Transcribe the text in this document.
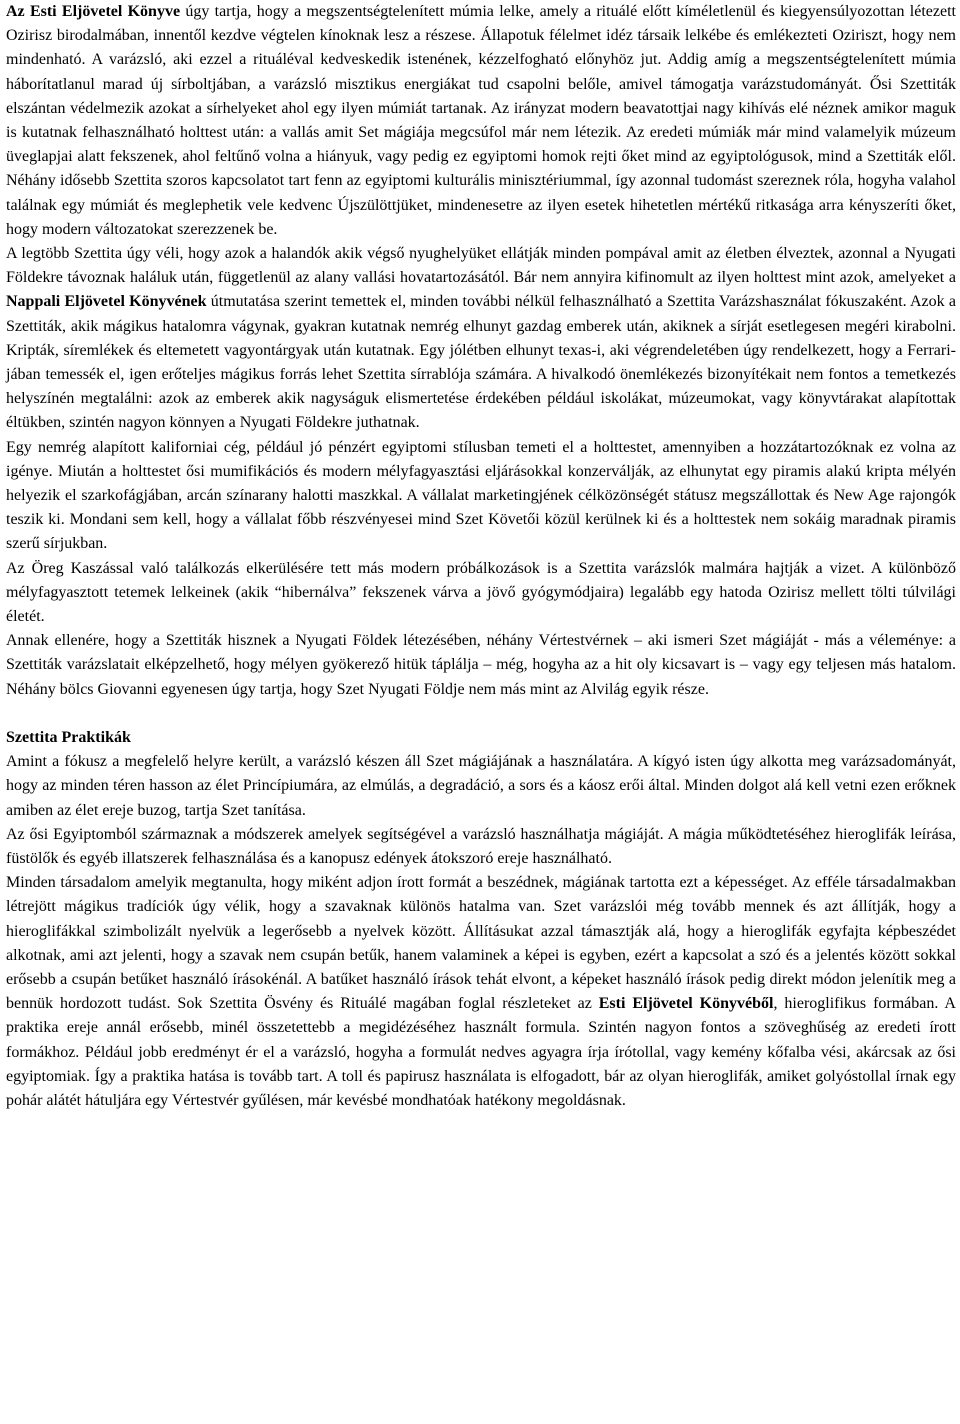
Az Esti Eljövetel Könyve úgy tartja, hogy a megszentségtelenített múmia lelke, amely a rituálé előtt kíméletlenül és kiegyensúlyozottan létezett Ozirisz birodalmában, innentől kezdve végtelen kínoknak lesz a részese. Állapotuk félelmet idéz társaik lelkébe és emlékezteti Oziriszt, hogy nem mindenható. A varázsló, aki ezzel a rituáléval kedveskedik istenének, kézzelfogható előnyhöz jut. Addig amíg a megszentségtelenített múmia háborítatlanul marad új sírboltjában, a varázsló misztikus energiákat tud csapolni belőle, amivel támogatja varázstudományát. Ősi Szettiták elszántan védelmezik azokat a sírhelyeket ahol egy ilyen múmiát tartanak. Az irányzat modern beavatottjai nagy kihívás elé néznek amikor maguk is kutatnak felhasználható holttest után: a vallás amit Set mágiája megcsúfol már nem létezik. Az eredeti múmiák már mind valamelyik múzeum üveglapjai alatt fekszenek, ahol feltűnő volna a hiányuk, vagy pedig ez egyiptomi homok rejti őket mind az egyiptológusok, mind a Szettiták elől. Néhány idősebb Szettita szoros kapcsolatot tart fenn az egyiptomi kulturális minisztériummal, így azonnal tudomást szereznek róla, hogyha valahol találnak egy múmiát és meglephetik vele kedvenc Újszülöttjüket, mindenesetre az ilyen esetek hihetetlen mértékű ritkasága arra kényszeríti őket, hogy modern változatokat szerezzenek be.

A legtöbb Szettita úgy véli, hogy azok a halandók akik végső nyughelyüket ellátják minden pompával amit az életben élveztek, azonnal a Nyugati Földekre távoznak haláluk után, függetlenül az alany vallási hovatartozásától. Bár nem annyira kifinomult az ilyen holttest mint azok, amelyeket a Nappali Eljövetel Könyvének útmutatása szerint temettek el, minden további nélkül felhasználható a Szettita Varázshasználat fókuszaként. Azok a Szettiták, akik mágikus hatalomra vágynak, gyakran kutatnak nemrég elhunyt gazdag emberek után, akiknek a sírját esetlegesen megéri kirabolni. Kripták, síremlékek és eltemetett vagyontárgyak után kutatnak. Egy jólétben elhunyt texas-i, aki végrendeletében úgy rendelkezett, hogy a Ferrari-jában temessék el, igen erőteljes mágikus forrás lehet Szettita sírrablója számára. A hivalkodó önemlékezés bizonyítékait nem fontos a temetkezés helyszínén megtalálni: azok az emberek akik nagyságuk elismertetése érdekében például iskolákat, múzeumokat, vagy könyvtárakat alapítottak éltükben, szintén nagyon könnyen a Nyugati Földekre juthatnak.

Egy nemrég alapított kaliforniai cég, például jó pénzért egyiptomi stílusban temeti el a holttestet, amennyiben a hozzátartozóknak ez volna az igénye. Miután a holttestet ősi mumifikációs és modern mélyfagyasztási eljárásokkal konzerválják, az elhunytat egy piramis alakú kripta mélyén helyezik el szarkofágjában, arcán színarany halotti maszkkal. A vállalat marketingjének célközönségét státusz megszállottak és New Age rajongók teszik ki. Mondani sem kell, hogy a vállalat főbb részvényesei mind Szet Követői közül kerülnek ki és a holttestek nem sokáig maradnak piramis szerű sírjukban.

Az Öreg Kaszással való találkozás elkerülésére tett más modern próbálkozások is a Szettita varázslók malmára hajtják a vizet. A különböző mélyfagyasztott tetemek lelkeinek (akik “hibernálva” fekszenek várva a jövő gyógymódjaira) legalább egy hatoda Ozirisz mellett tölti túlvilági életét.

Annak ellenére, hogy a Szettiták hisznek a Nyugati Földek létezésében, néhány Vértestvérnek – aki ismeri Szet mágiáját - más a véleménye: a Szettiták varázslatait elképzelhető, hogy mélyen gyökerező hitük táplálja – még, hogyha az a hit oly kicsavart is – vagy egy teljesen más hatalom. Néhány bölcs Giovanni egyenesen úgy tartja, hogy Szet Nyugati Földje nem más mint az Alvilág egyik része.

Szettita Praktikák

Amint a fókusz a megfelelő helyre került, a varázsló készen áll Szet mágiájának a használatára. A kígyó isten úgy alkotta meg varázsadományát, hogy az minden téren hasson az élet Princípiumára, az elmúlás, a degradáció, a sors és a káosz erői által. Minden dolgot alá kell vetni ezen erőknek amiben az élet ereje buzog, tartja Szet tanítása.

Az ősi Egyiptomból származnak a módszerek amelyek segítségével a varázsló használhatja mágiáját. A mágia működtetéséhez hieroglifák leírása, füstölők és egyéb illatszerek felhasználása és a kanopusz edények átokszoró ereje használható.

Minden társadalom amelyik megtanulta, hogy miként adjon írott formát a beszédnek, mágiának tartotta ezt a képességet. Az efféle társadalmakban létrejött mágikus tradíciók úgy vélik, hogy a szavaknak különös hatalma van. Szet varázslói még tovább mennek és azt állítják, hogy a hieroglifákkal szimbolizált nyelvük a legerősebb a nyelvek között. Állításukat azzal támasztják alá, hogy a hieroglifák egyfajta képbeszédet alkotnak, ami azt jelenti, hogy a szavak nem csupán betűk, hanem valaminek a képei is egyben, ezért a kapcsolat a szó és a jelentés között sokkal erősebb a csupán betűket használó írásokénál. A batűket használó írások tehát elvont, a képeket használó írások pedig direkt módon jelenítik meg a bennük hordozott tudást. Sok Szettita Ösvény és Rituálé magában foglal részleteket az Esti Eljövetel Könyvéből, hieroglifikus formában. A praktika ereje annál erősebb, minél összetettebb a megidézéséhez használt formula. Szintén nagyon fontos a szöveghűség az eredeti írott formákhoz. Például jobb eredményt ér el a varázsló, hogyha a formulát nedves agyagra írja írótollal, vagy kemény kőfalba vési, akárcsak az ősi egyiptomiak. Így a praktika hatása is tovább tart. A toll és papirusz használata is elfogadott, bár az olyan hieroglifák, amiket golyóstollal írnak egy pohár alátét hátuljára egy Vértestvér gyűlésen, már kevésbé mondhatóak hatékony megoldásnak.
